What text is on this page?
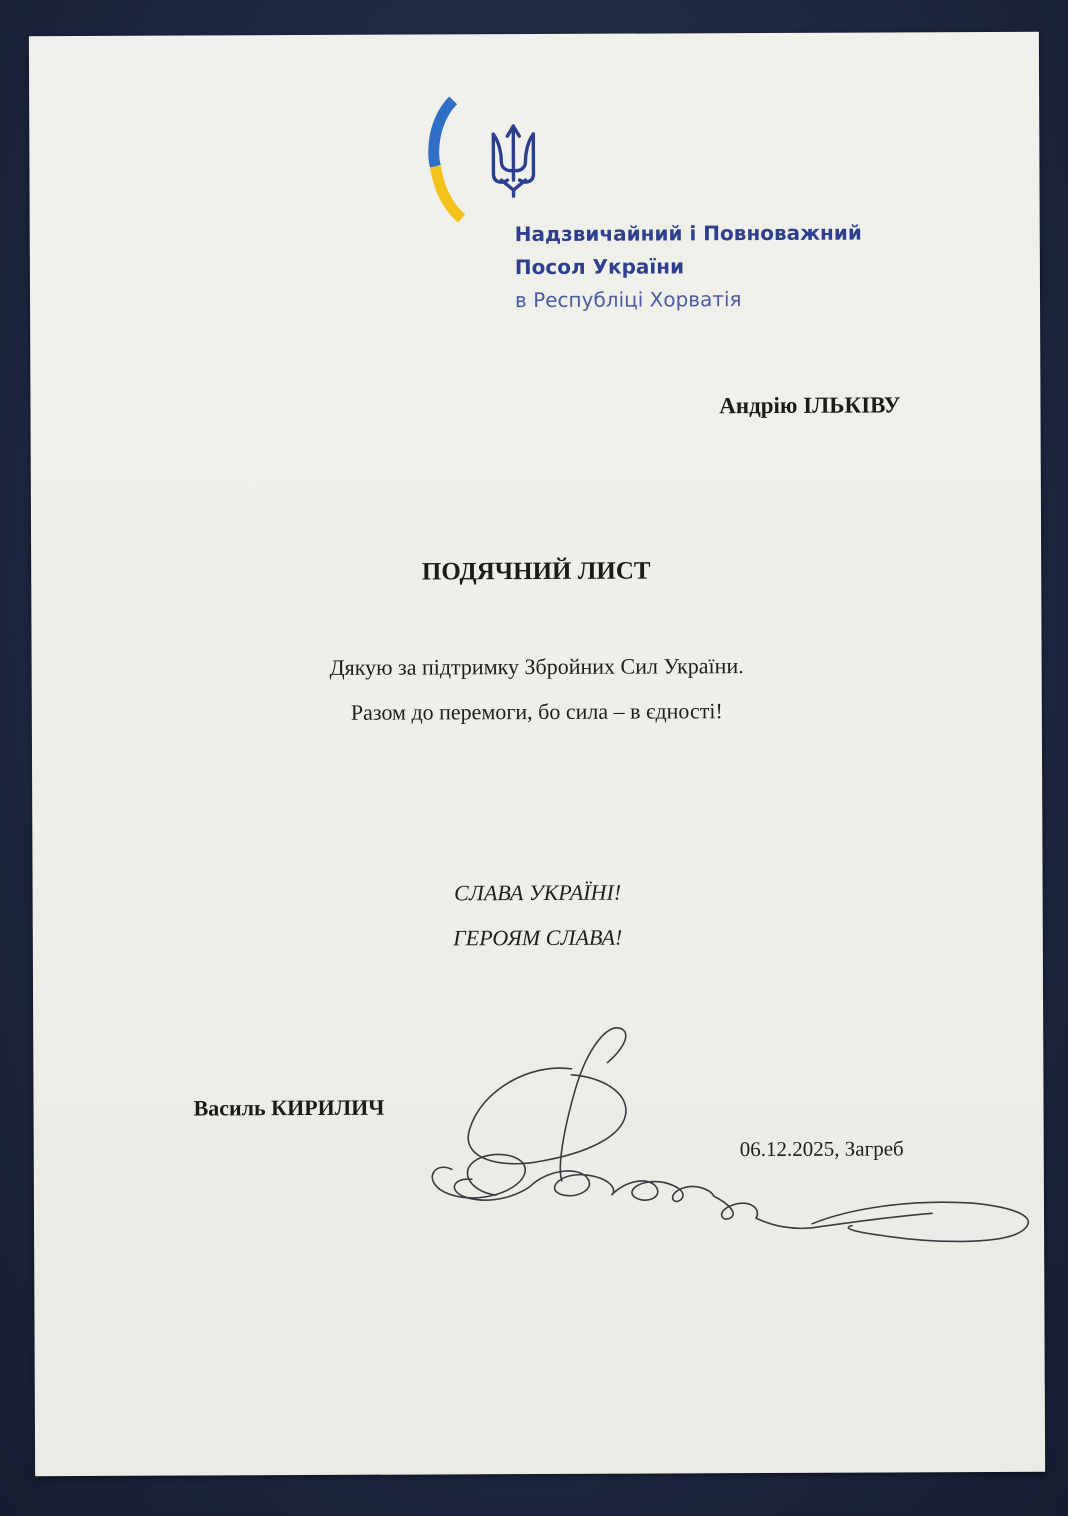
Надзвичайний і Повноважний
Посол України
в Республіці Хорватія
Андрію ІЛЬКІВУ
ПОДЯЧНИЙ ЛИСТ
Дякую за підтримку Збройних Сил України.
Разом до перемоги, бо сила – в єдності!
СЛАВА УКРАЇНІ!
ГЕРОЯМ СЛАВА!
Василь КИРИЛИЧ
06.12.2025, Загреб
